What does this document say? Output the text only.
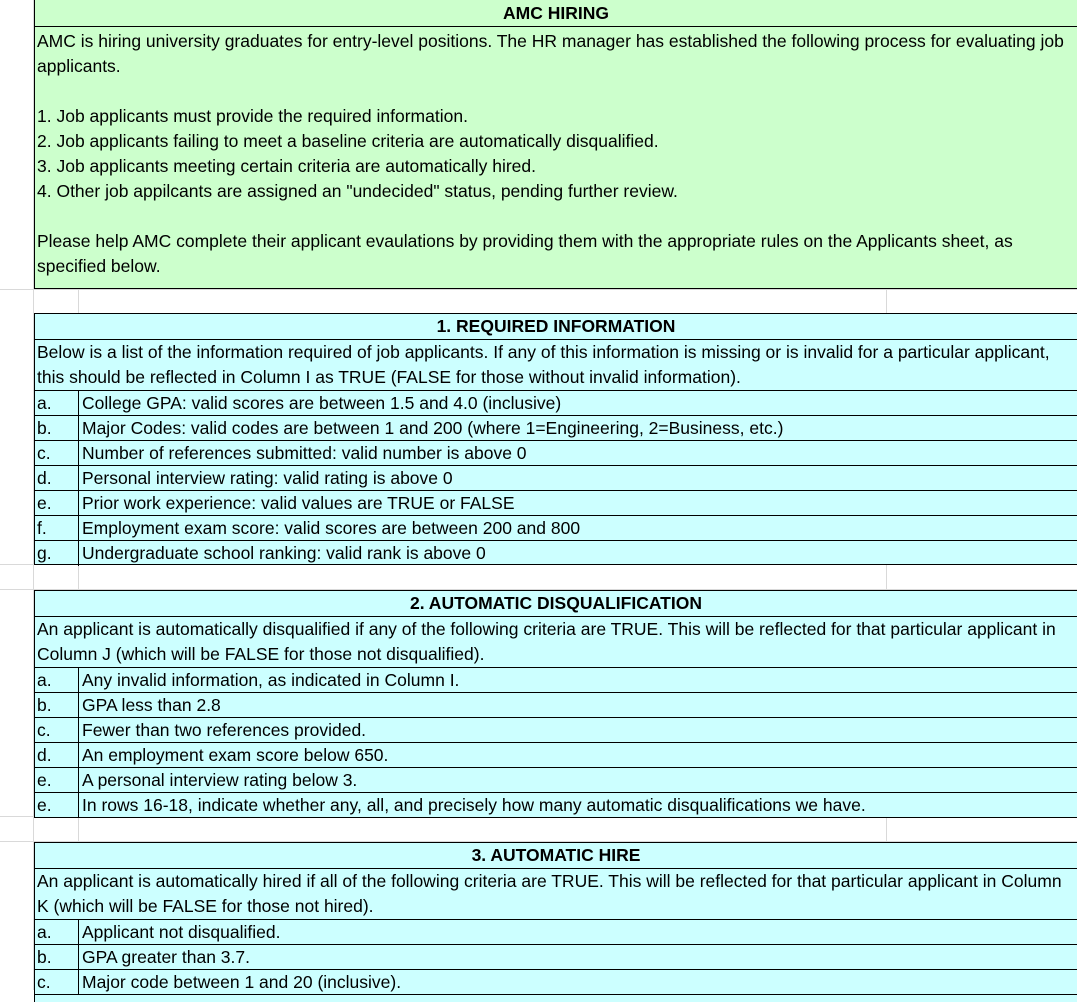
AMC HIRING

AMC is hiring university graduates for entry-level positions. The HR manager has established the following process for evaluating job applicants.

1. Job applicants must provide the required information.
2. Job applicants failing to meet a baseline criteria are automatically disqualified.
3. Job applicants meeting certain criteria are automatically hired.
4. Other job appilcants are assigned an "undecided" status, pending further review.

Please help AMC complete their applicant evaulations by providing them with the appropriate rules on the Applicants sheet, as specified below.

1. REQUIRED INFORMATION
Below is a list of the information required of job applicants. If any of this information is missing or is invalid for a particular applicant, this should be reflected in Column I as TRUE (FALSE for those without invalid information).
a.	College GPA: valid scores are between 1.5 and 4.0 (inclusive)
b.	Major Codes: valid codes are between 1 and 200 (where 1=Engineering, 2=Business, etc.)
c.	Number of references submitted: valid number is above 0
d.	Personal interview rating: valid rating is above 0
e.	Prior work experience: valid values are TRUE or FALSE
f.	Employment exam score: valid scores are between 200 and 800
g.	Undergraduate school ranking: valid rank is above 0
2. AUTOMATIC DISQUALIFICATION
An applicant is automatically disqualified if any of the following criteria are TRUE. This will be reflected for that particular applicant in Column J (which will be FALSE for those not disqualified).
a.	Any invalid information, as indicated in Column I.
b.	GPA less than 2.8
c.	Fewer than two references provided.
d.	An employment exam score below 650.
e.	A personal interview rating below 3.
e.	In rows 16-18, indicate whether any, all, and precisely how many automatic disqualifications we have.
3. AUTOMATIC HIRE
An applicant is automatically hired if all of the following criteria are TRUE. This will be reflected for that particular applicant in Column K (which will be FALSE for those not hired).
a.	Applicant not disqualified.
b.	GPA greater than 3.7.
c.	Major code between 1 and 20 (inclusive).
